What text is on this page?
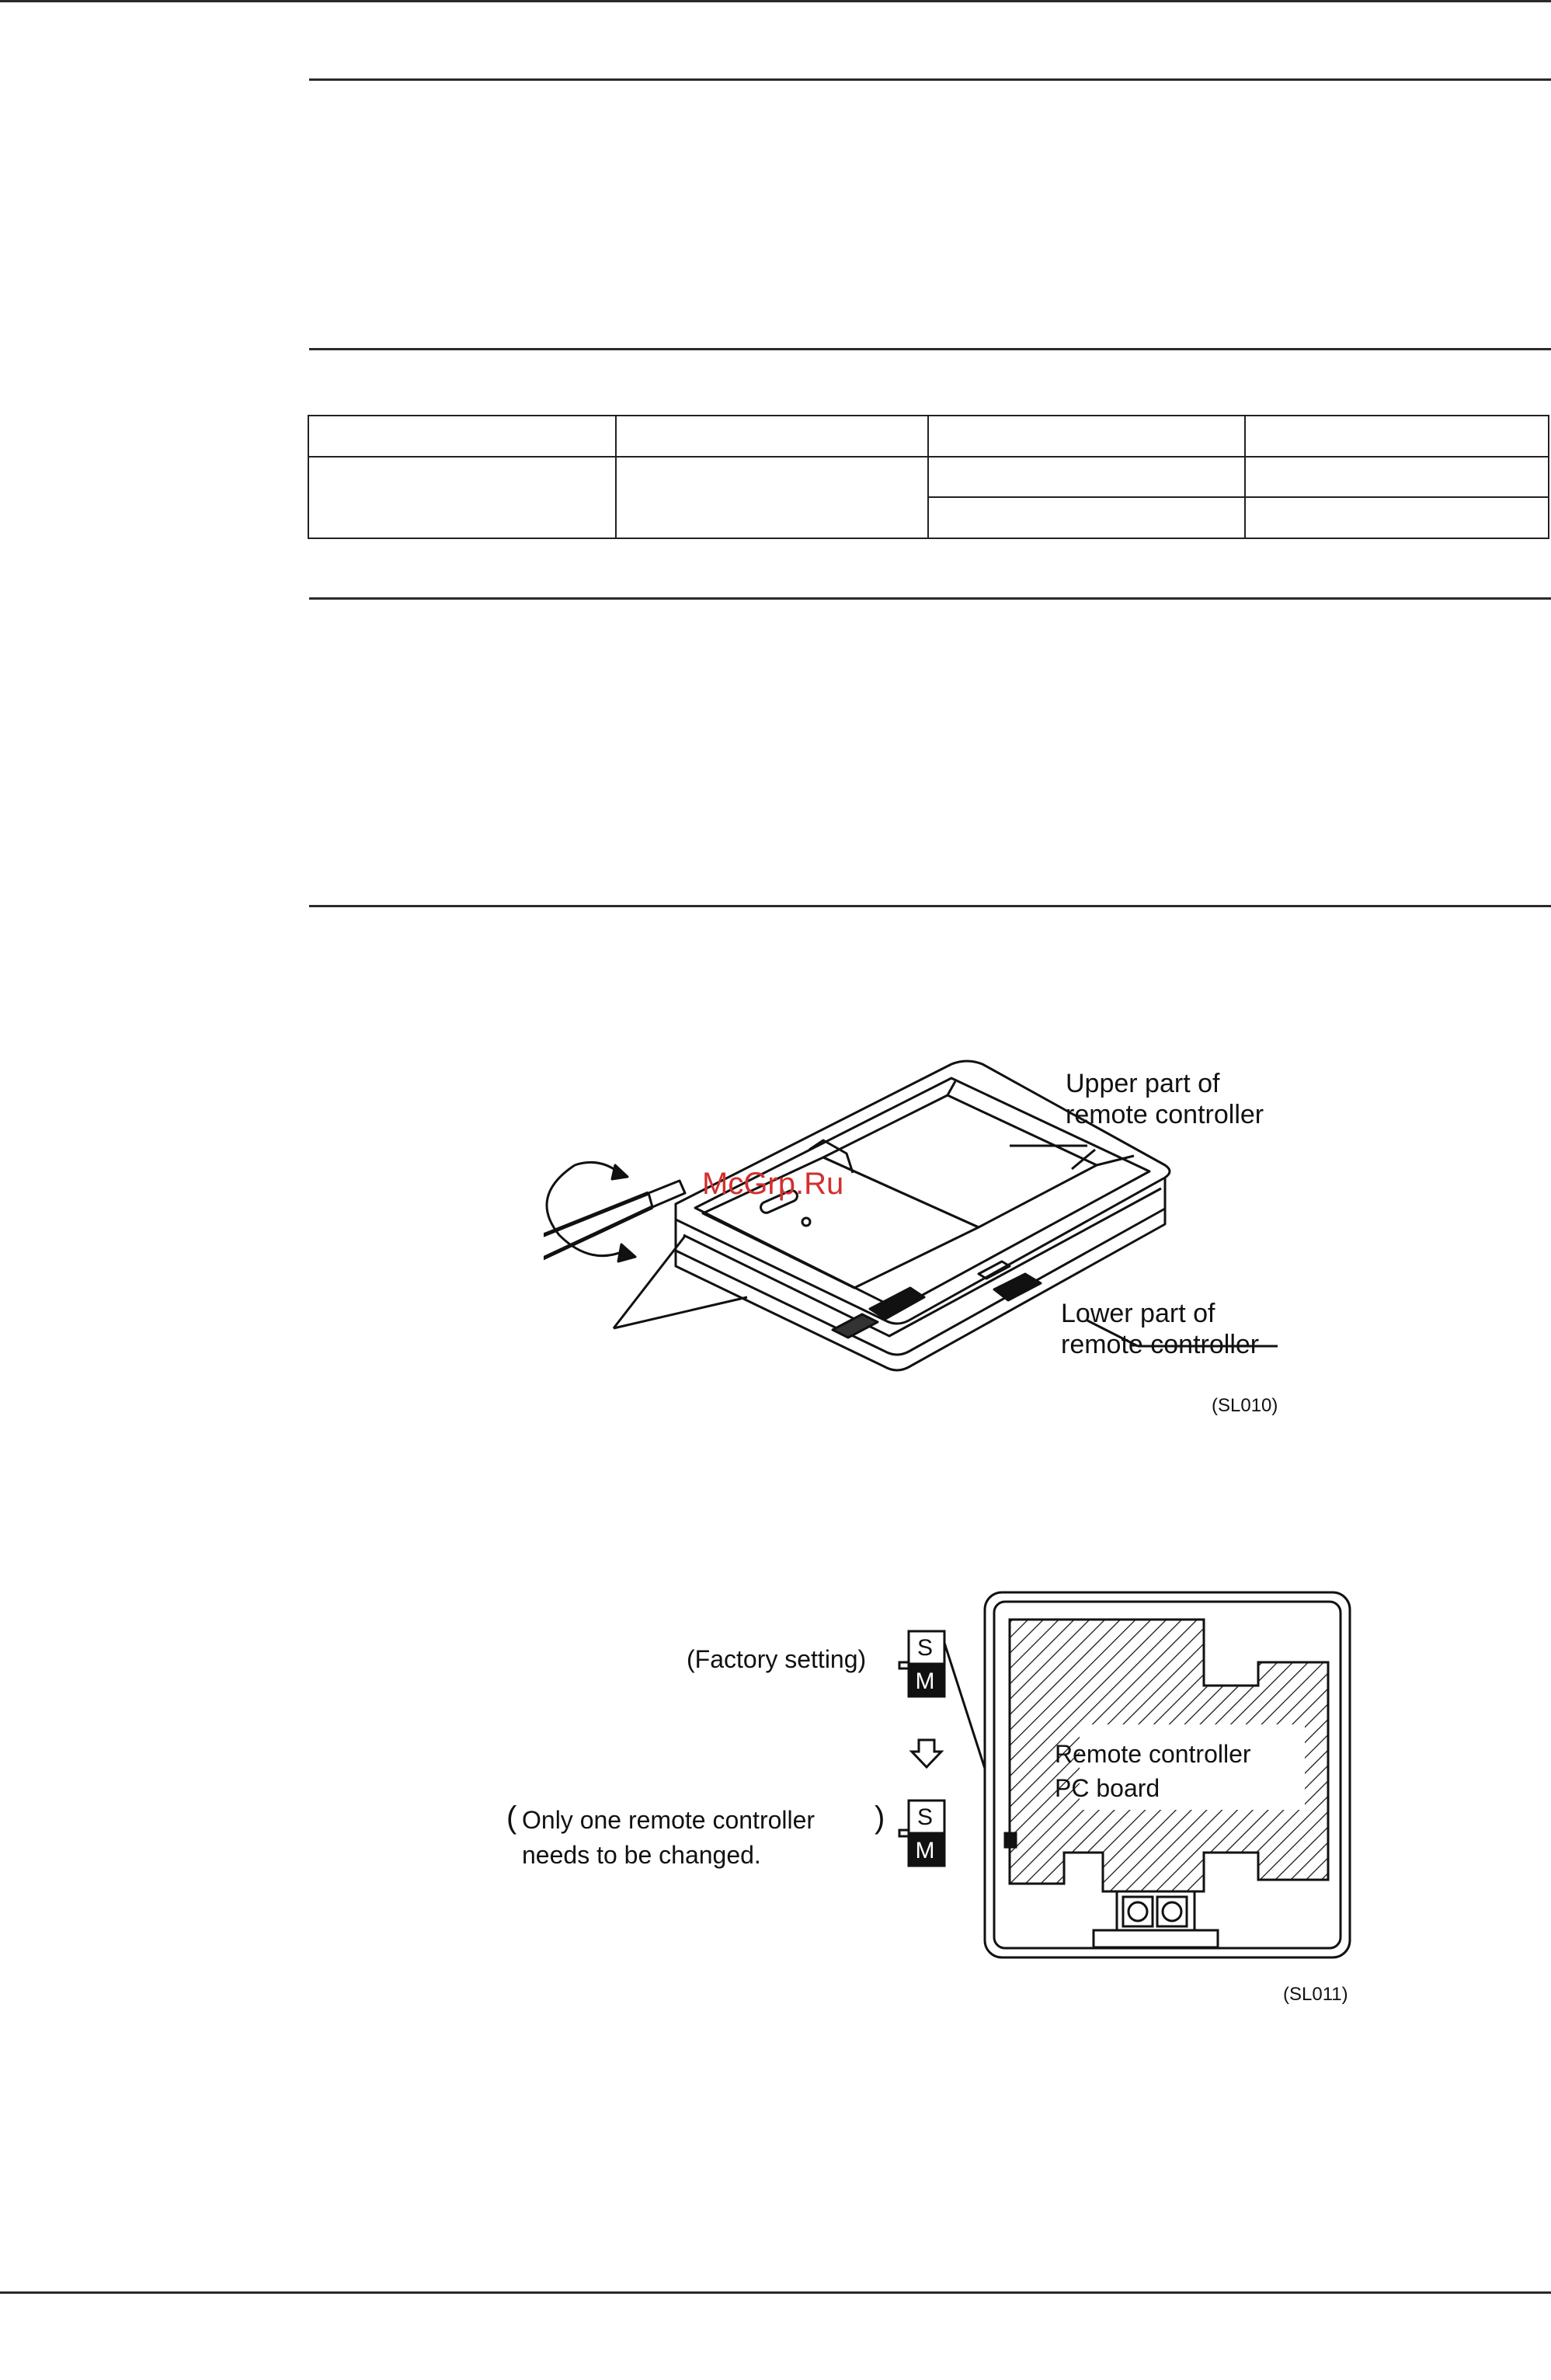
Upper part of
remote controller
Lower part of
remote controller
(SL010)
McGrp.Ru
S
M
S
M
(Factory setting)
( Only one remote controller
needs to be changed.
)
Remote controller
PC board
(SL011)
